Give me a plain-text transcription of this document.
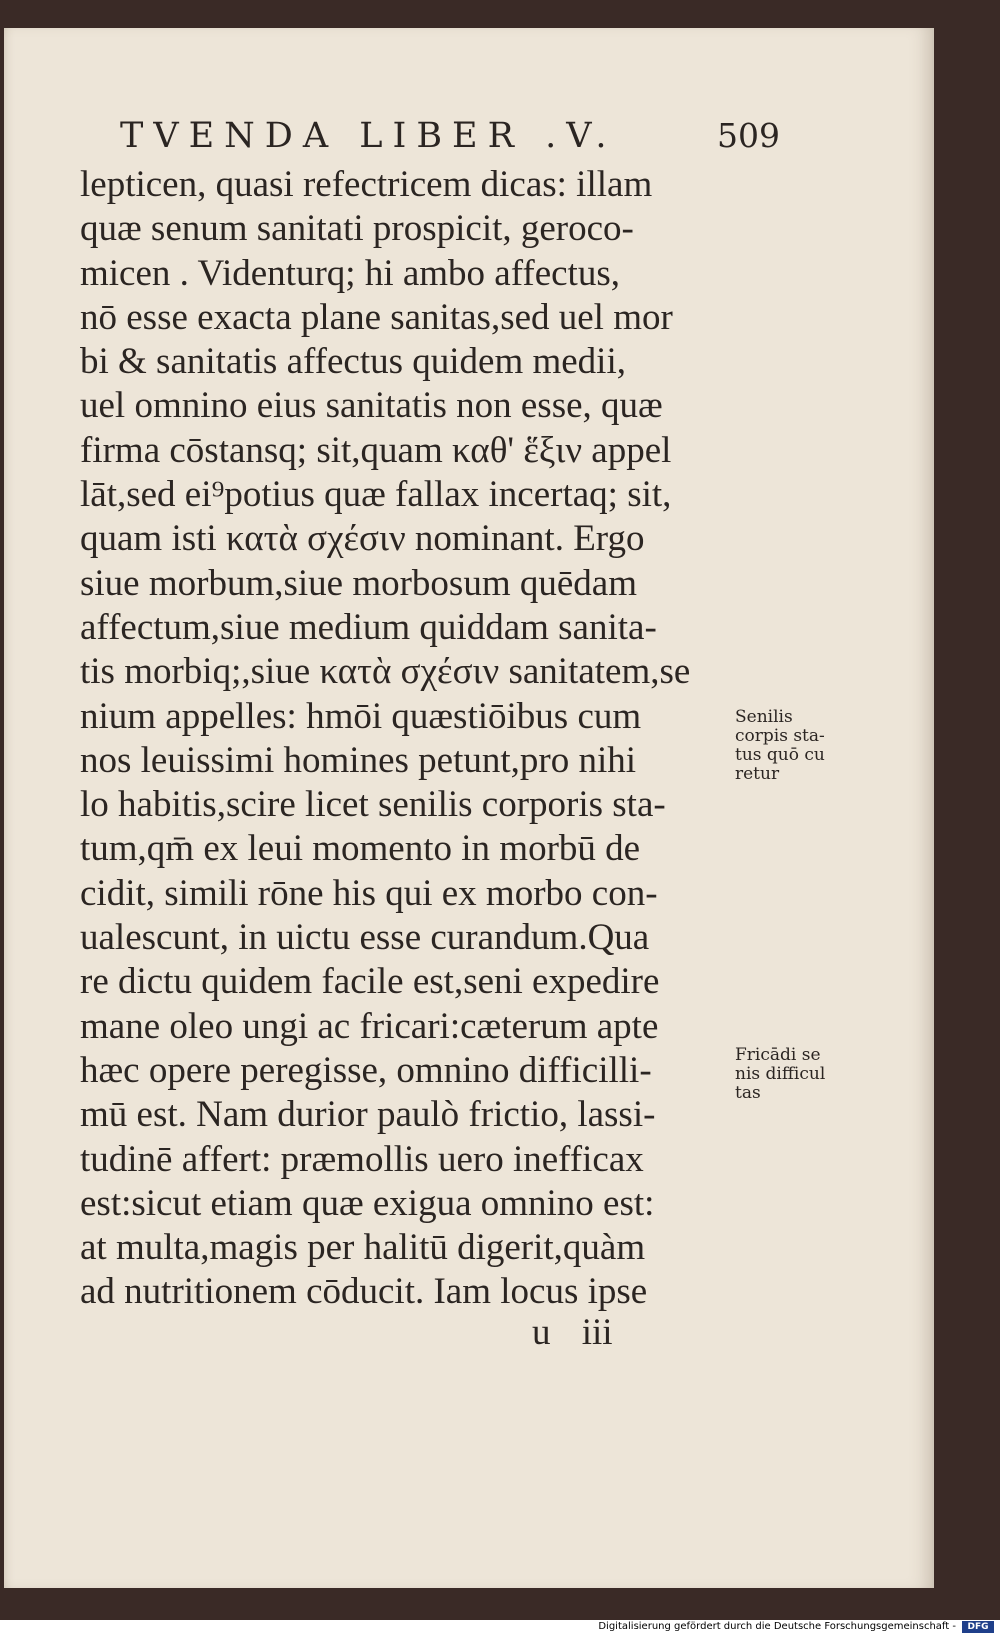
TVENDA LIBER .V.	509
lepticen, quasi refectricem dicas: illam
quæ senum sanitati prospicit, geroco-
micen . Videnturq; hi ambo affectus,
nō esse exacta plane sanitas,sed uel mor
bi & sanitatis affectus quidem medii,
uel omnino eius sanitatis non esse, quæ
firma cōstansq; sit,quam καθ' ἕξιν appel
lāt,sed ei⁹potius quæ fallax incertaq; sit,
quam isti κατὰ σχέσιν nominant. Ergo
siue morbum,siue morbosum quēdam
affectum,siue medium quiddam sanita-
tis morbiq;,siue κατὰ σχέσιν sanitatem,se
nium appelles: hmōi quæstiōibus cum
nos leuissimi homines petunt,pro nihi
lo habitis,scire licet senilis corporis sta-
tum,qm̄ ex leui momento in morbū de
cidit, simili rōne his qui ex morbo con-
ualescunt, in uictu esse curandum.Qua
re dictu quidem facile est,seni expedire
mane oleo ungi ac fricari:cæterum apte
hæc opere peregisse, omnino difficilli-
mū est. Nam durior paulò frictio, lassi-
tudinē affert: præmollis uero inefficax
est:sicut etiam quæ exigua omnino est:
at multa,magis per halitū digerit,quàm
ad nutritionem cōducit. Iam locus ipse
Senilis
corpis sta-
tus quō cu
retur
Fricādi se
nis difficul
tas
u iii
Digitalisierung gefördert durch die Deutsche Forschungsgemeinschaft -	DFG
